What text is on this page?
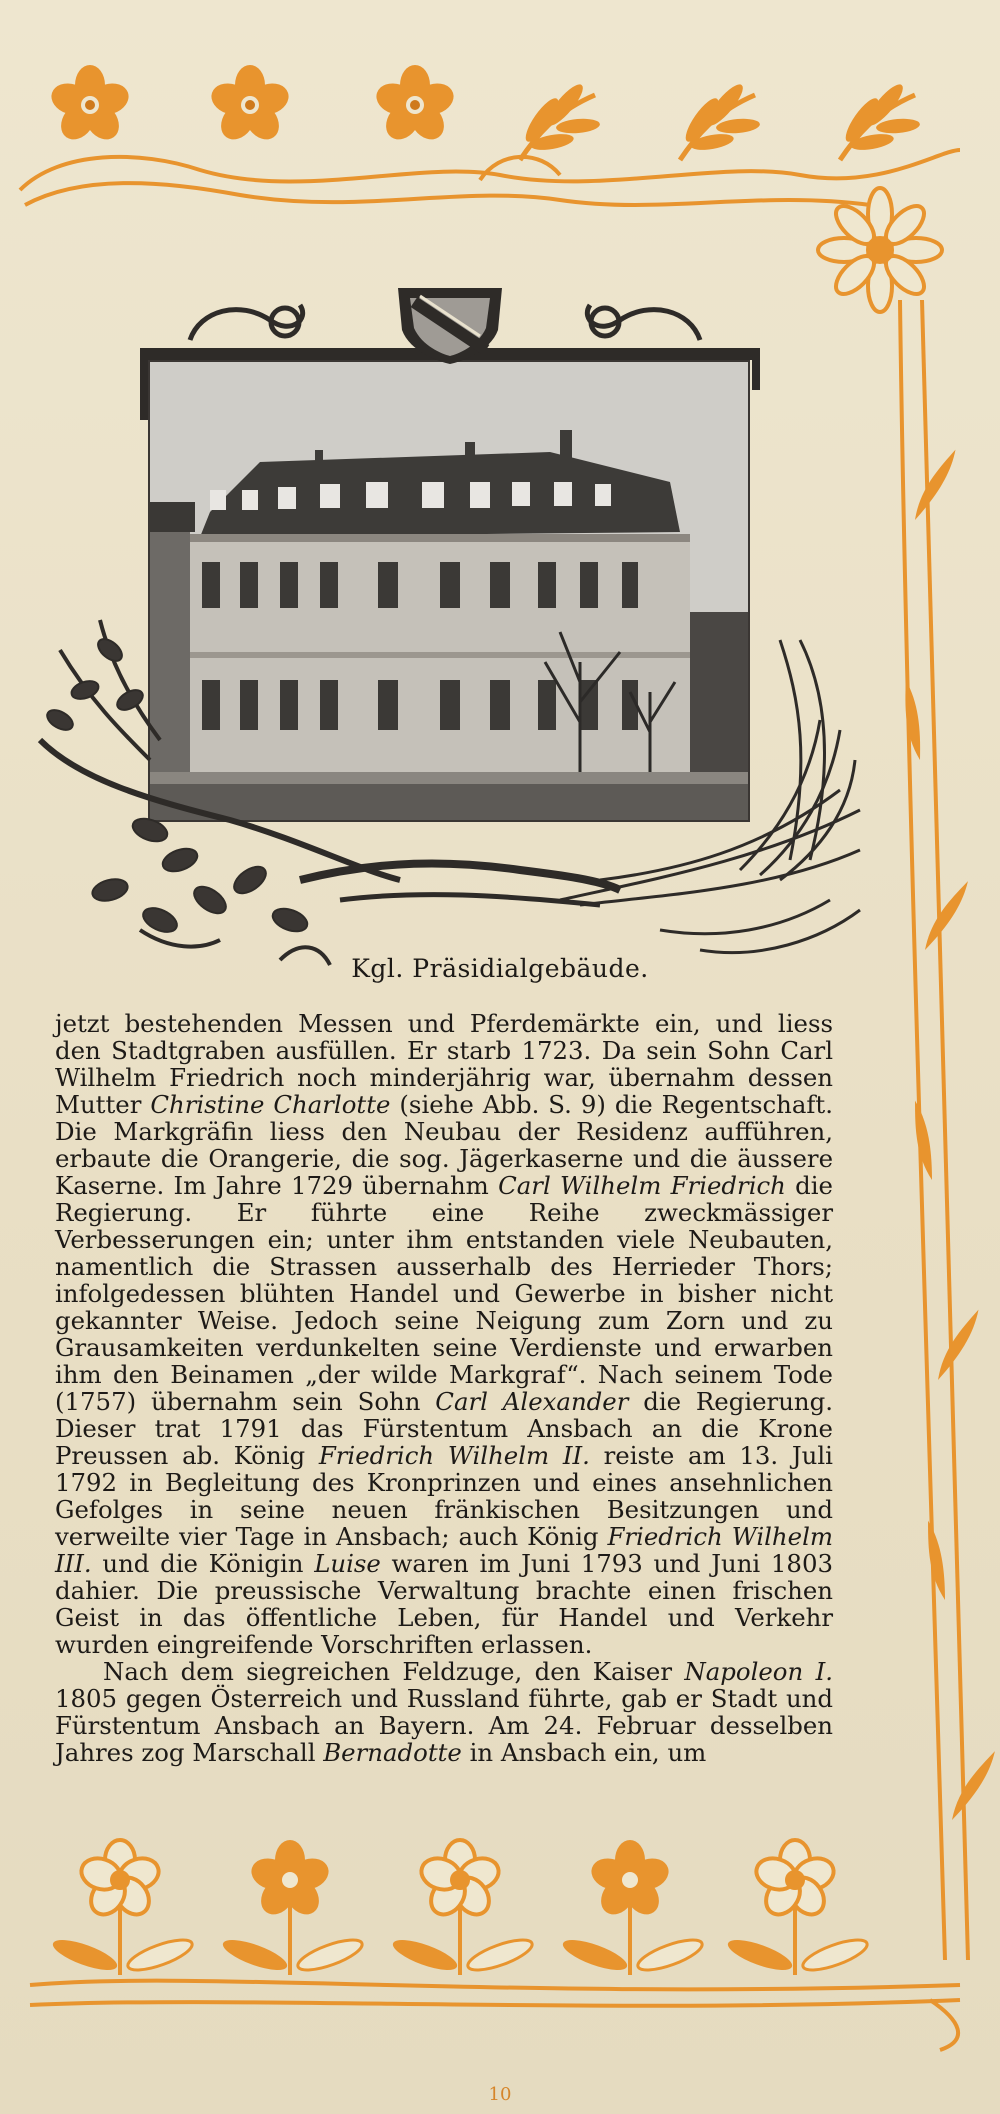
Kgl. Präsidialgebäude.

jetzt bestehenden Messen und Pferdemärkte ein, und liess den Stadtgraben ausfüllen. Er starb 1723. Da sein Sohn Carl Wilhelm Friedrich noch minderjährig war, übernahm dessen Mutter Christine Charlotte (siehe Abb. S. 9) die Regentschaft. Die Markgräfin liess den Neubau der Residenz aufführen, erbaute die Orangerie, die sog. Jägerkaserne und die äussere Kaserne. Im Jahre 1729 übernahm Carl Wilhelm Friedrich die Regierung. Er führte eine Reihe zweckmässiger Verbesserungen ein; unter ihm entstanden viele Neubauten, namentlich die Strassen ausserhalb des Herrieder Thors; infolgedessen blühten Handel und Gewerbe in bisher nicht gekannter Weise. Jedoch seine Neigung zum Zorn und zu Grausamkeiten verdunkelten seine Verdienste und erwarben ihm den Beinamen „der wilde Markgraf“. Nach seinem Tode (1757) übernahm sein Sohn Carl Alexander die Regierung. Dieser trat 1791 das Fürstentum Ansbach an die Krone Preussen ab. König Friedrich Wilhelm II. reiste am 13. Juli 1792 in Begleitung des Kronprinzen und eines ansehnlichen Gefolges in seine neuen fränkischen Besitzungen und verweilte vier Tage in Ansbach; auch König Friedrich Wilhelm III. und die Königin Luise waren im Juni 1793 und Juni 1803 dahier. Die preussische Verwaltung brachte einen frischen Geist in das öffentliche Leben, für Handel und Verkehr wurden eingreifende Vorschriften erlassen.

Nach dem siegreichen Feldzuge, den Kaiser Napoleon I. 1805 gegen Österreich und Russland führte, gab er Stadt und Fürstentum Ansbach an Bayern. Am 24. Februar desselben Jahres zog Marschall Bernadotte in Ansbach ein, um

10
